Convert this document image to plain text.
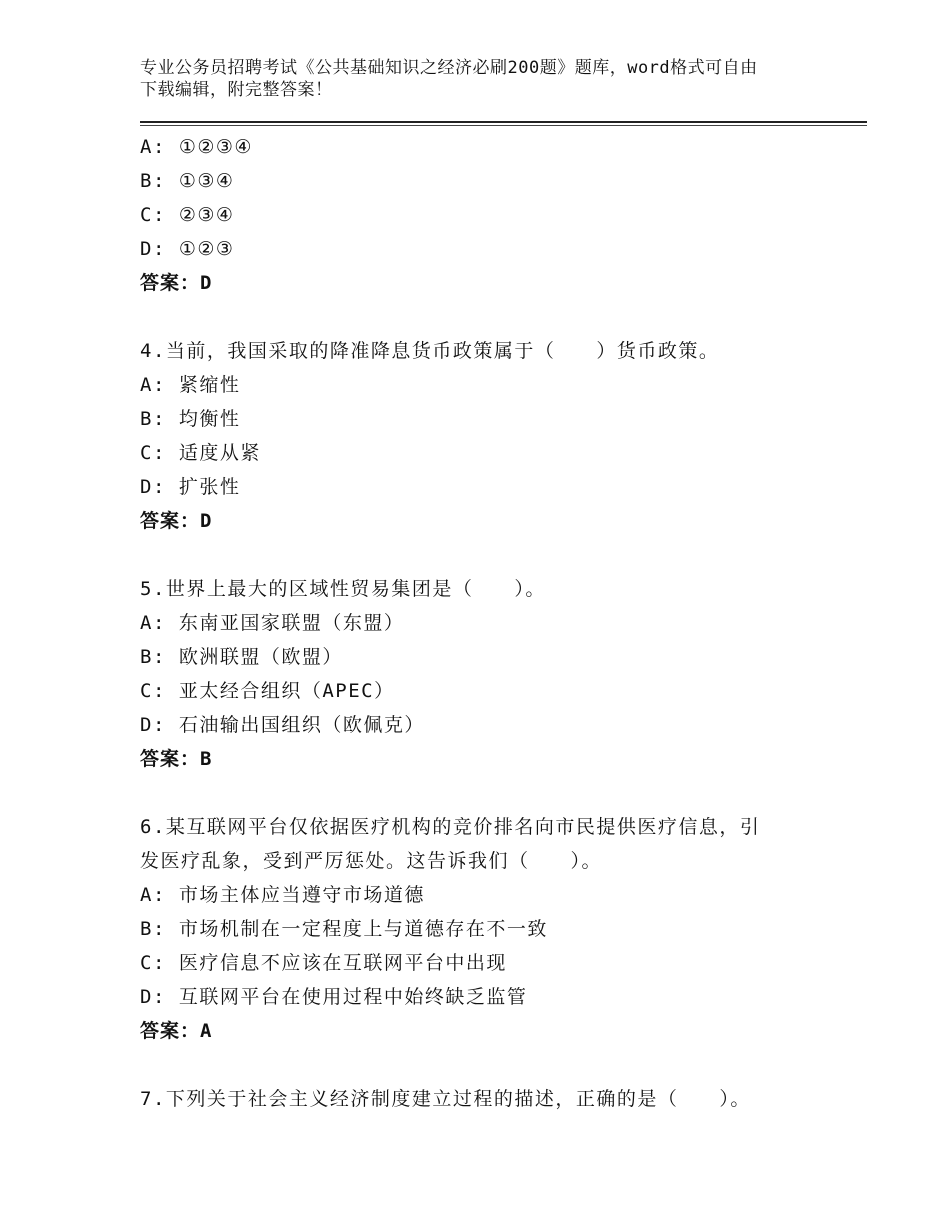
专业公务员招聘考试《公共基础知识之经济必刷200题》题库，word格式可自由
下载编辑，附完整答案！
A: ①②③④
B: ①③④
C: ②③④
D: ①②③
答案：D
4.当前，我国采取的降准降息货币政策属于（　　）货币政策。
A: 紧缩性
B: 均衡性
C: 适度从紧
D: 扩张性
答案：D
5.世界上最大的区域性贸易集团是（　　）。
A: 东南亚国家联盟（东盟）
B: 欧洲联盟（欧盟）
C: 亚太经合组织（APEC）
D: 石油输出国组织（欧佩克）
答案：B
6.某互联网平台仅依据医疗机构的竞价排名向市民提供医疗信息，引
发医疗乱象，受到严厉惩处。这告诉我们（　　）。
A: 市场主体应当遵守市场道德
B: 市场机制在一定程度上与道德存在不一致
C: 医疗信息不应该在互联网平台中出现
D: 互联网平台在使用过程中始终缺乏监管
答案：A
7.下列关于社会主义经济制度建立过程的描述，正确的是（　　）。
